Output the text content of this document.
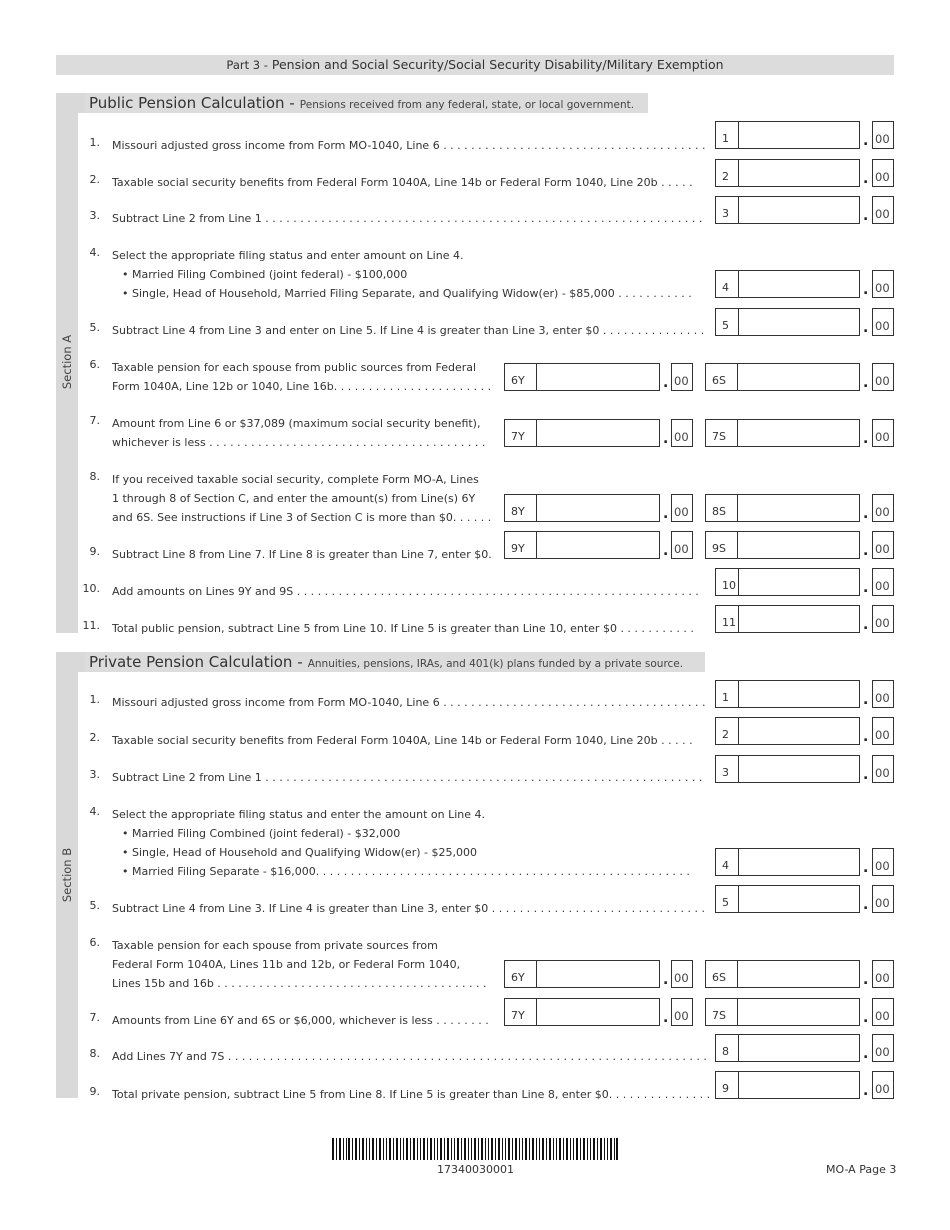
Part 3 - Pension and Social Security/Social Security Disability/Military Exemption
Section A
Public Pension Calculation - Pensions received from any federal, state, or local government.
1. Missouri adjusted gross income from Form MO-1040, Line 6 . . . . . . . . . . . . . . . . . . . . . . . . . . . . . . . . . . . . . .
1	. 00
2. Taxable social security benefits from Federal Form 1040A, Line 14b or Federal Form 1040, Line 20b . . . . .	2	. 00
3. Subtract Line 2 from Line 1 . . . . . . . . . . . . . . . . . . . . . . . . . . . . . . . . . . . . . . . . . . . . . . . . . . . . . . . . . . . . . . . 3	. 00
4. Select the appropriate filing status and enter amount on Line 4.
• Married Filing Combined (joint federal) - $100,000
• Single, Head of Household, Married Filing Separate, and Qualifying Widow(er) - $85,000 . . . . . . . . . . .	4	. 00
5. Subtract Line 4 from Line 3 and enter on Line 5. If Line 4 is greater than Line 3, enter $0 . . . . . . . . . . . . . . . 5	. 00
6. Taxable pension for each spouse from public sources from Federal
Form 1040A, Line 12b or 1040, Line 16b. . . . . . . . . . . . . . . . . . . . . . . 6Y	. 00 6S	. 00
7. Amount from Line 6 or $37,089 (maximum social security benefit),
whichever is less . . . . . . . . . . . . . . . . . . . . . . . . . . . . . . . . . . . . . . . . 7Y	. 00 7S	. 00
8. If you received taxable social security, complete Form MO-A, Lines
1 through 8 of Section C, and enter the amount(s) from Line(s) 6Y
and 6S. See instructions if Line 3 of Section C is more than $0. . . . . . 8Y	. 00 8S	. 00
9. Subtract Line 8 from Line 7. If Line 8 is greater than Line 7, enter $0. 9Y	. 00 9S	. 00
10. Add amounts on Lines 9Y and 9S . . . . . . . . . . . . . . . . . . . . . . . . . . . . . . . . . . . . . . . . . . . . . . . . . . . . . . . . . . 10	. 00
11. Total public pension, subtract Line 5 from Line 10. If Line 5 is greater than Line 10, enter $0 . . . . . . . . . . .	11	. 00
Section B
Private Pension Calculation - Annuities, pensions, IRAs, and 401(k) plans funded by a private source.
1. Missouri adjusted gross income from Form MO-1040, Line 6 . . . . . . . . . . . . . . . . . . . . . . . . . . . . . . . . . . . . . . 1	. 00
2. Taxable social security benefits from Federal Form 1040A, Line 14b or Federal Form 1040, Line 20b . . . . .	2	. 00
3. Subtract Line 2 from Line 1 . . . . . . . . . . . . . . . . . . . . . . . . . . . . . . . . . . . . . . . . . . . . . . . . . . . . . . . . . . . . . . . 3	. 00
4. Select the appropriate filing status and enter the amount on Line 4.
• Married Filing Combined (joint federal) - $32,000
• Single, Head of Household and Qualifying Widow(er) - $25,000
• Married Filing Separate - $16,000. . . . . . . . . . . . . . . . . . . . . . . . . . . . . . . . . . . . . . . . . . . . . . . . . . . . . .	4	. 00
5. Subtract Line 4 from Line 3. If Line 4 is greater than Line 3, enter $0 . . . . . . . . . . . . . . . . . . . . . . . . . . . . . . . 5	. 00
6. Taxable pension for each spouse from private sources from
Federal Form 1040A, Lines 11b and 12b, or Federal Form 1040,
Lines 15b and 16b . . . . . . . . . . . . . . . . . . . . . . . . . . . . . . . . . . . . . . . 6Y	. 00 6S	. 00
7. Amounts from Line 6Y and 6S or $6,000, whichever is less . . . . . . . . 7Y	. 00 7S	. 00
8. Add Lines 7Y and 7S . . . . . . . . . . . . . . . . . . . . . . . . . . . . . . . . . . . . . . . . . . . . . . . . . . . . . . . . . . . . . . . . . . . . . 8	. 00
9. Total private pension, subtract Line 5 from Line 8. If Line 5 is greater than Line 8, enter $0. . . . . . . . . . . . . . . 9	. 00
17340030001	MO-A Page 3
